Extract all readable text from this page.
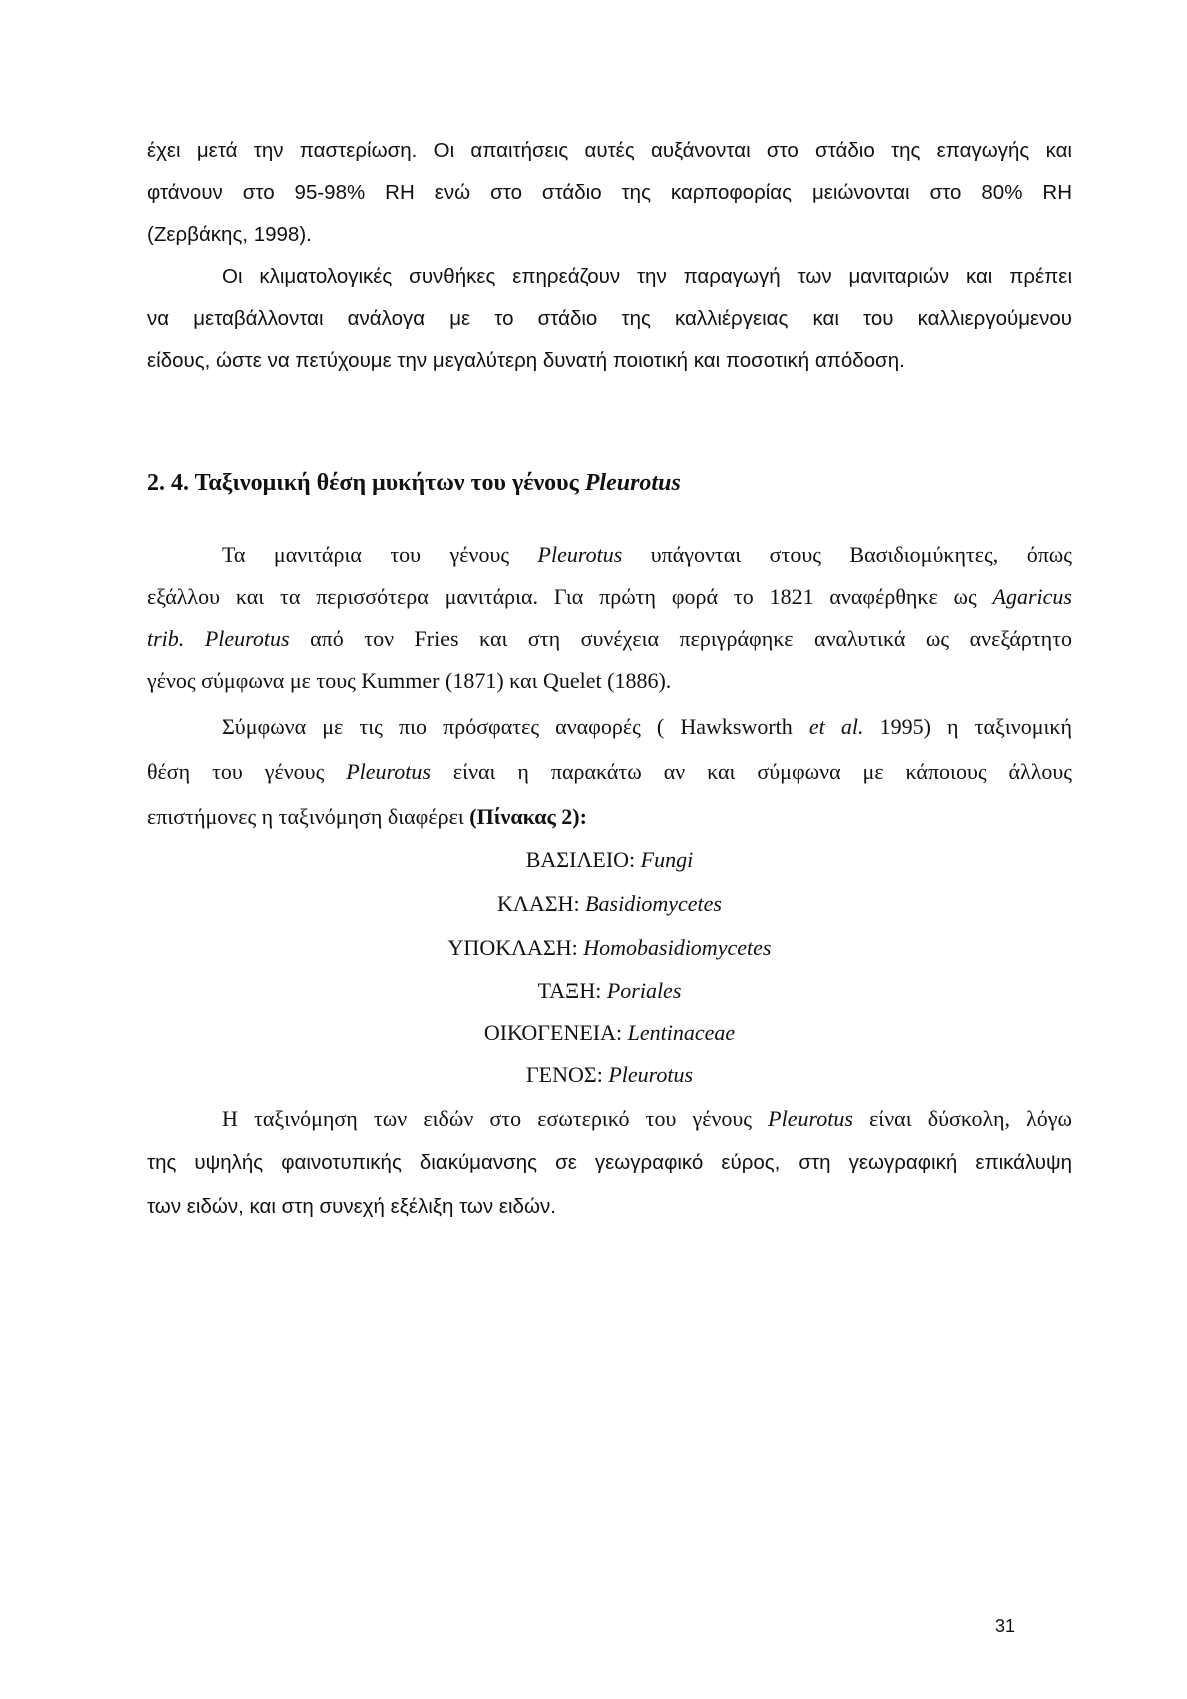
έχει μετά την παστερίωση. Οι απαιτήσεις αυτές αυξάνονται στο στάδιο της επαγωγής και

φτάνουν στο 95-98% RH ενώ στο στάδιο της καρποφορίας μειώνονται στο 80% RH

(Ζερβάκης, 1998).

Οι κλιματολογικές συνθήκες επηρεάζουν την παραγωγή των μανιταριών και πρέπει

να μεταβάλλονται ανάλογα με το στάδιο της καλλιέργειας και του καλλιεργούμενου

είδους, ώστε να πετύχουμε την μεγαλύτερη δυνατή ποιοτική και ποσοτική απόδοση.

2. 4. Ταξινομική θέση μυκήτων του γένους Pleurotus

Τα μανιτάρια του γένους Pleurotus υπάγονται στους Βασιδιομύκητες, όπως

εξάλλου και τα περισσότερα μανιτάρια. Για πρώτη φορά το 1821 αναφέρθηκε ως Agaricus

trib. Pleurotus από τον Fries και στη συνέχεια περιγράφηκε αναλυτικά ως ανεξάρτητο

γένος σύμφωνα με τους Kummer (1871) και Quelet (1886).

Σύμφωνα με τις πιο πρόσφατες αναφορές ( Hawksworth et al. 1995) η ταξινομική

θέση του γένους Pleurotus είναι η παρακάτω αν και σύμφωνα με κάποιους άλλους

επιστήμονες η ταξινόμηση διαφέρει (Πίνακας 2):

ΒΑΣΙΛΕΙΟ: Fungi

ΚΛΑΣΗ: Basidiomycetes

ΥΠΟΚΛΑΣΗ: Homobasidiomycetes

ΤΑΞΗ: Poriales

ΟΙΚΟΓΕΝΕΙΑ: Lentinaceae

ΓΕΝΟΣ: Pleurotus

Η ταξινόμηση των ειδών στο εσωτερικό του γένους Pleurotus είναι δύσκολη, λόγω

της υψηλής φαινοτυπικής διακύμανσης σε γεωγραφικό εύρος, στη γεωγραφική επικάλυψη

των ειδών, και στη συνεχή εξέλιξη των ειδών.

31
